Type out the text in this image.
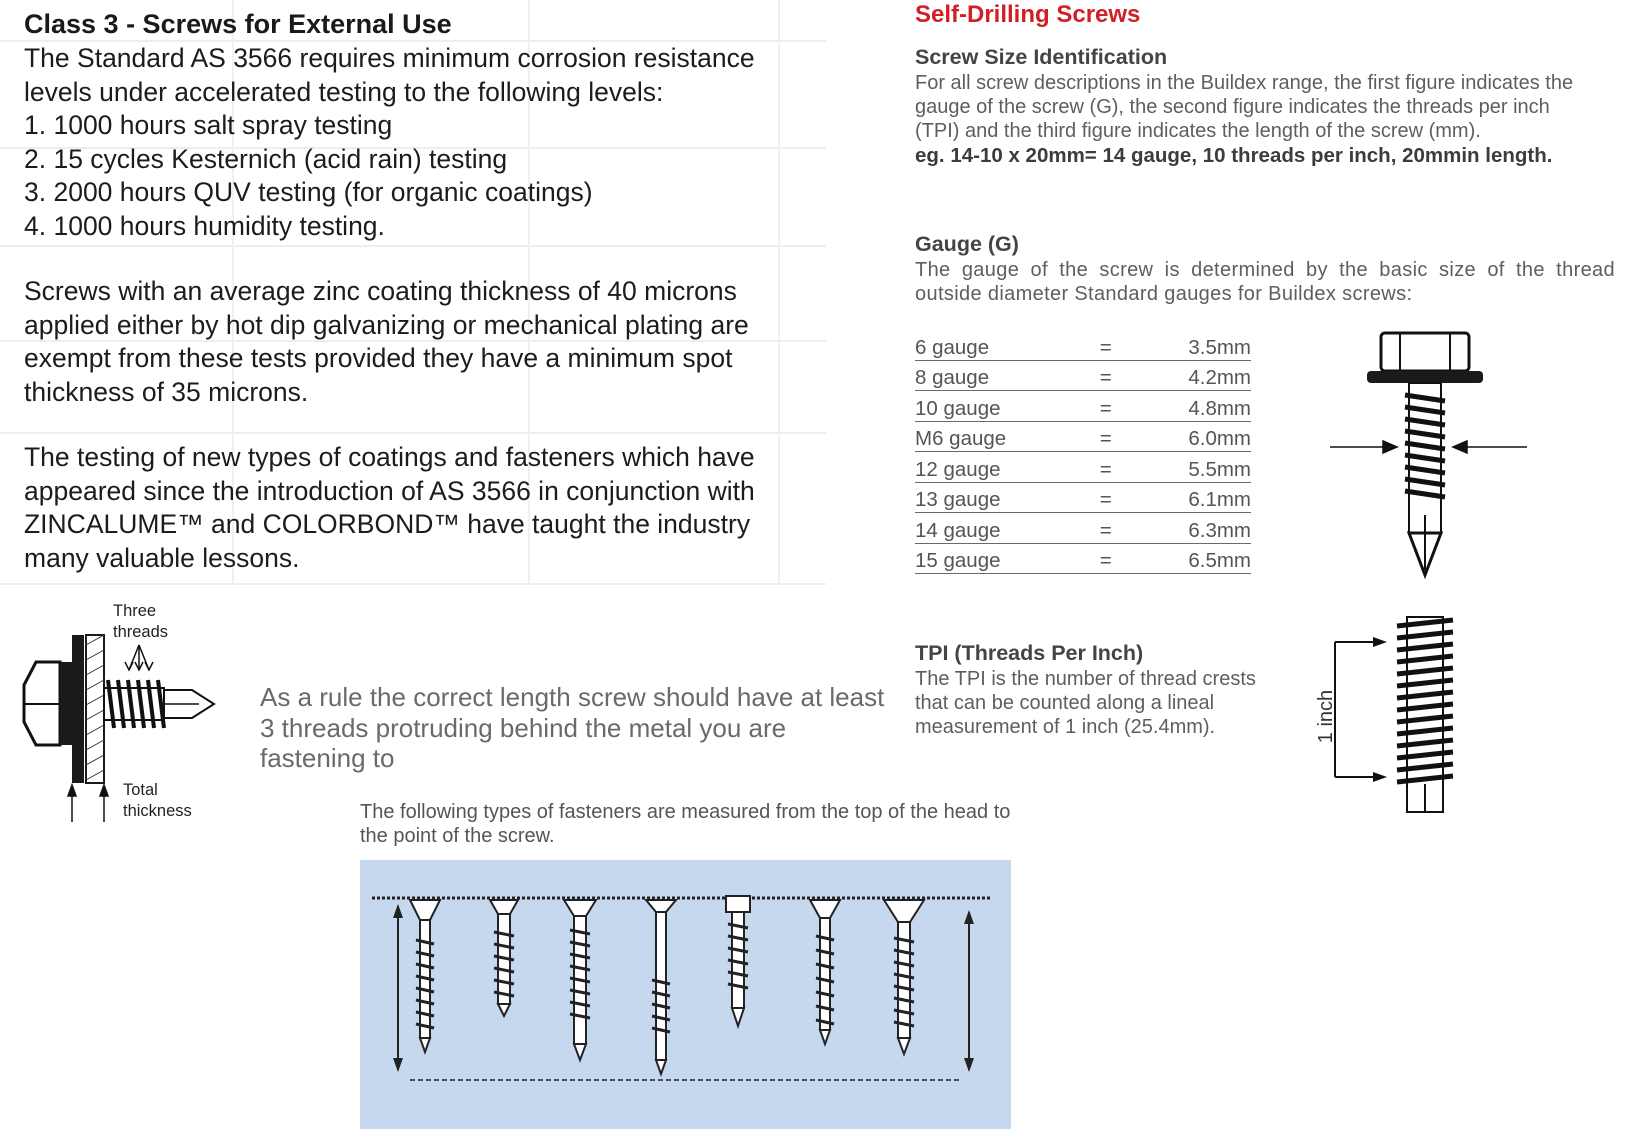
Class 3 - Screws for External Use

The Standard AS 3566 requires minimum corrosion resistance levels under accelerated testing to the following levels:

1. 1000 hours salt spray testing
2. 15 cycles Kesternich (acid rain) testing
3. 2000 hours QUV testing (for organic coatings)
4. 1000 hours humidity testing.

Screws with an average zinc coating thickness of 40 microns applied either by hot dip galvanizing or mechanical plating are exempt from these tests provided they have a minimum spot thickness of 35 microns.

The testing of new types of coatings and fasteners which have appeared since the introduction of AS 3566 in conjunction with ZINCALUME™ and COLORBOND™ have taught the industry many valuable lessons.

Three
threads
Total
thickness
As a rule the correct length screw should have at least 3 threads protruding behind the metal you are fastening to
The following types of fasteners are measured from the top of the head to the point of the screw.
Self-Drilling Screws

Screw Size Identification

For all screw descriptions in the Buildex range, the first figure indicates the gauge of the screw (G), the second figure indicates the threads per inch (TPI) and the third figure indicates the length of the screw (mm).

eg. 14-10 x 20mm= 14 gauge, 10 threads per inch, 20mmin length.

Gauge (G)

The gauge of the screw is determined by the basic size of the thread outside diameter Standard gauges for Buildex screws:

6 gauge	=	3.5mm
8 gauge	=	4.2mm
10 gauge	=	4.8mm
M6 gauge	=	6.0mm
12 gauge	=	5.5mm
13 gauge	=	6.1mm
14 gauge	=	6.3mm
15 gauge	=	6.5mm

TPI (Threads Per Inch)

The TPI is the number of thread crests that can be counted along a lineal measurement of 1 inch (25.4mm).	1 inch
